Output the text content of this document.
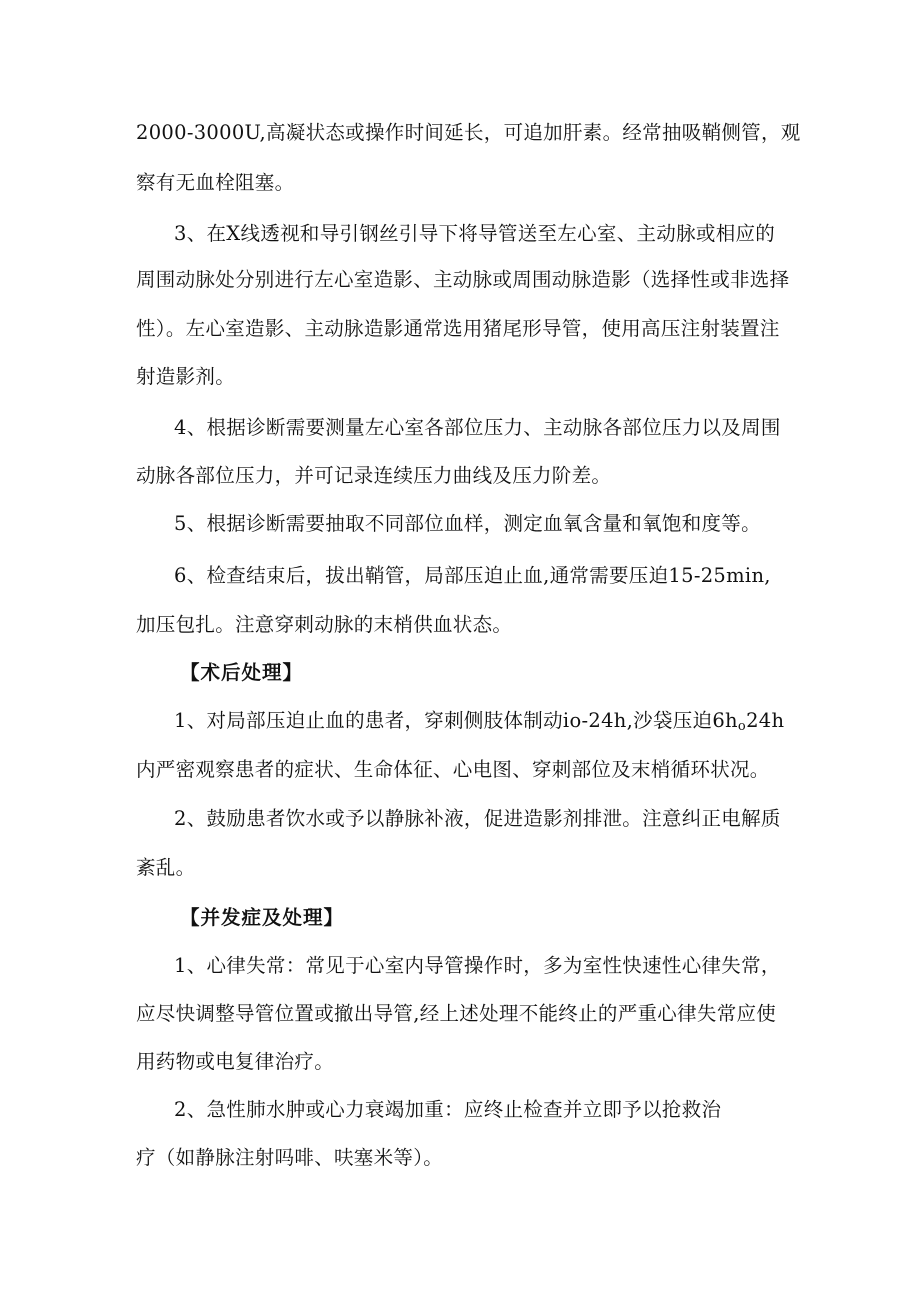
2000-3000U,高凝状态或操作时间延长，可追加肝素。经常抽吸鞘侧管，观
察有无血栓阻塞。
3、在X线透视和导引钢丝引导下将导管送至左心室、主动脉或相应的
周围动脉处分别进行左心室造影、主动脉或周围动脉造影（选择性或非选择
性）。左心室造影、主动脉造影通常选用猪尾形导管，使用高压注射装置注
射造影剂。
4、根据诊断需要测量左心室各部位压力、主动脉各部位压力以及周围
动脉各部位压力，并可记录连续压力曲线及压力阶差。
5、根据诊断需要抽取不同部位血样，测定血氧含量和氧饱和度等。
6、检查结束后，拔出鞘管，局部压迫止血,通常需要压迫15-25min,
加压包扎。注意穿刺动脉的末梢供血状态。
【术后处理】
1、对局部压迫止血的患者，穿刺侧肢体制动io-24h,沙袋压迫$6h_o24h$
内严密观察患者的症状、生命体征、心电图、穿刺部位及末梢循环状况。
2、鼓励患者饮水或予以静脉补液，促进造影剂排泄。注意纠正电解质
紊乱。
【并发症及处理】
1、心律失常：常见于心室内导管操作时，多为室性快速性心律失常，
应尽快调整导管位置或撤出导管,经上述处理不能终止的严重心律失常应使
用药物或电复律治疗。
2、急性肺水肿或心力衰竭加重：应终止检查并立即予以抢救治
疗（如静脉注射吗啡、呋塞米等）。
